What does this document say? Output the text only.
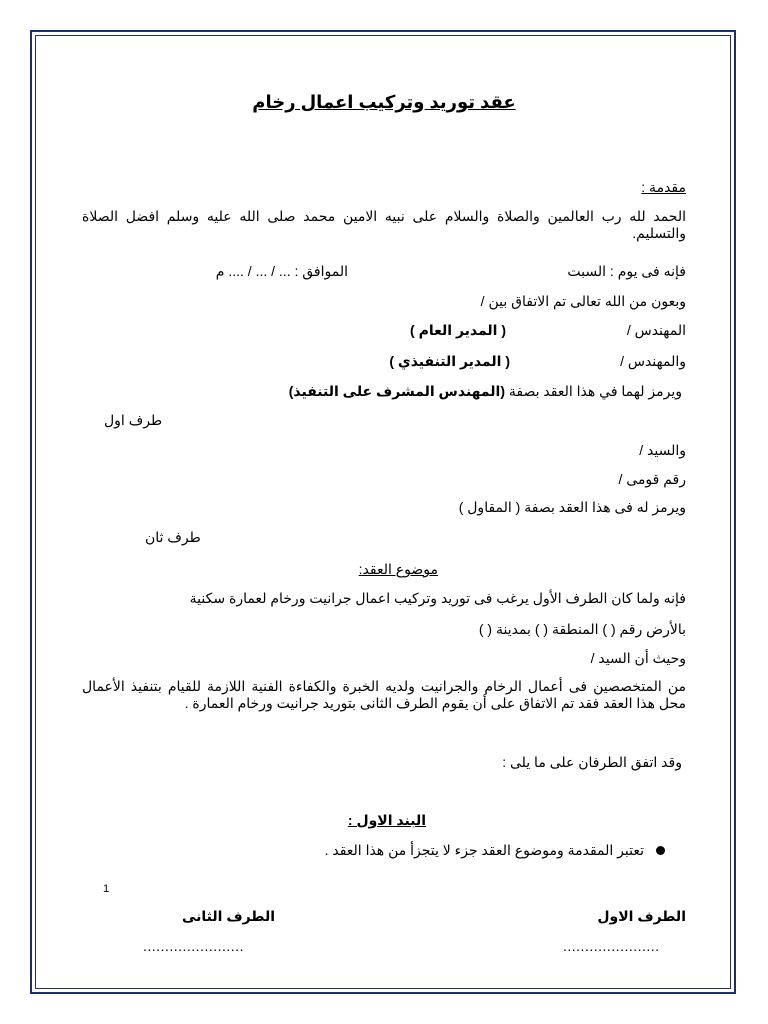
عقد توريد وتركيب اعمال رخام
مقدمة :
الحمد لله رب العالمين والصلاة والسلام على نبيه الامين محمد صلى الله عليه وسلم افضل الصلاة والتسليم.
فإنه فى يوم : السبت
الموافق : ... / ... / .... م
وبعون من الله تعالى تم الاتفاق بين /
المهندس /
( المدير العام )
والمهندس /
( المدير التنفيذي )
ويرمز لهما في هذا العقد بصفة (المهندس المشرف على التنفيذ)
طرف اول
والسيد /
رقم قومى /
ويرمز له فى هذا العقد بصفة ( المقاول )
طرف ثان
موضوع العقد:
فإنه ولما كان الطرف الأول يرغب فى توريد وتركيب اعمال جرانيت ورخام لعمارة سكنية
بالأرض رقم ( ) المنطقة ( ) بمدينة ( )
وحيث أن السيد /
من المتخصصين فى أعمال الرخام والجرانيت ولديه الخبرة والكفاءة الفنية اللازمة للقيام بتنفيذ الأعمال محل هذا العقد فقد تم الاتفاق على أن يقوم الطرف الثانى بتوريد جرانيت ورخام العمارة .
وقد اتفق الطرفان على ما يلى :
البند الاول :
تعتبر المقدمة وموضوع العقد جزء لا يتجزأ من هذا العقد .
1
الطرف الاول
الطرف الثانى
......................
.......................
